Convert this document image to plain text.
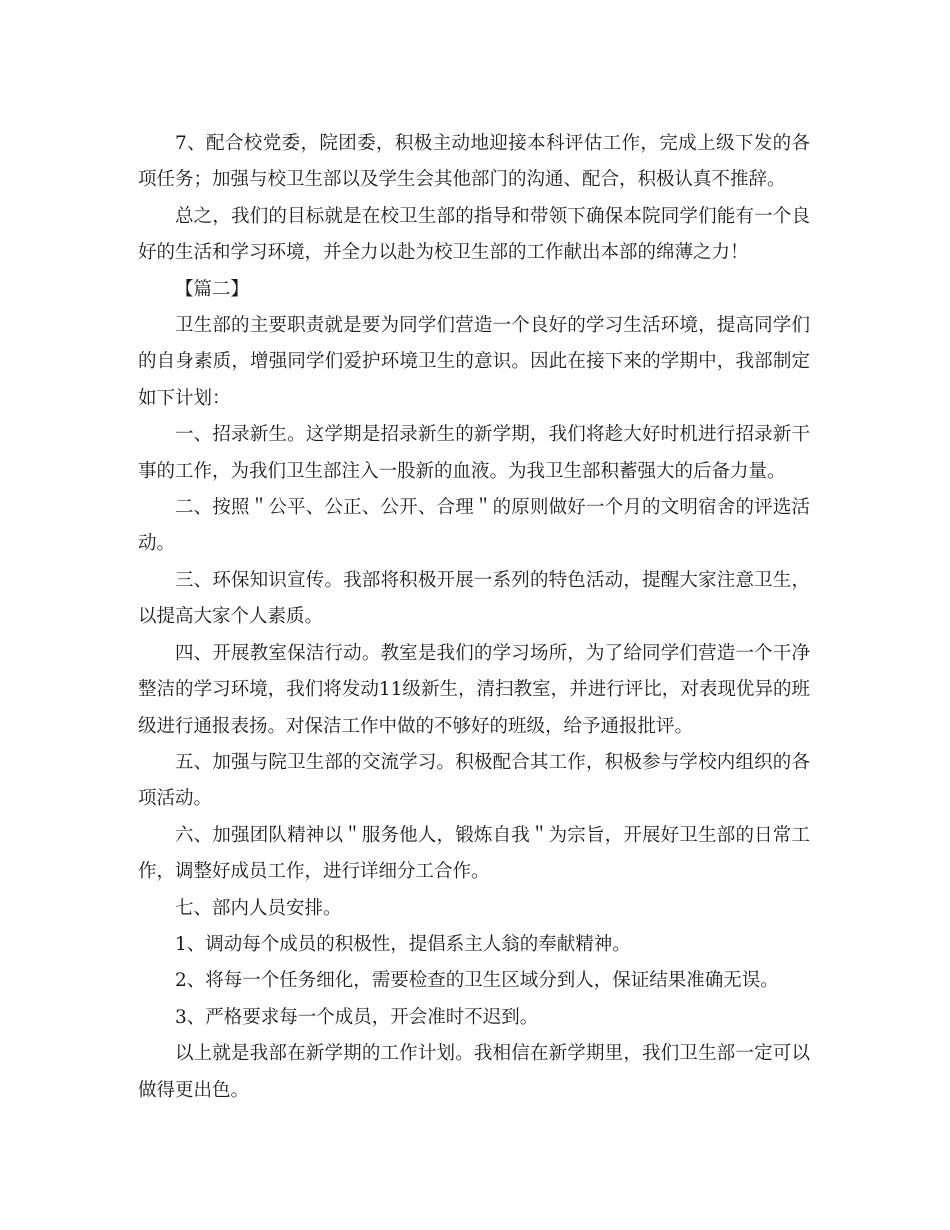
7、配合校党委，院团委，积极主动地迎接本科评估工作，完成上级下发的各项任务；加强与校卫生部以及学生会其他部门的沟通、配合，积极认真不推辞。

总之，我们的目标就是在校卫生部的指导和带领下确保本院同学们能有一个良好的生活和学习环境，并全力以赴为校卫生部的工作献出本部的绵薄之力！

【篇二】

卫生部的主要职责就是要为同学们营造一个良好的学习生活环境，提高同学们的自身素质，增强同学们爱护环境卫生的意识。因此在接下来的学期中，我部制定如下计划：

一、招录新生。这学期是招录新生的新学期，我们将趁大好时机进行招录新干事的工作，为我们卫生部注入一股新的血液。为我卫生部积蓄强大的后备力量。

二、按照＂公平、公正、公开、合理＂的原则做好一个月的文明宿舍的评选活动。

三、环保知识宣传。我部将积极开展一系列的特色活动，提醒大家注意卫生，以提高大家个人素质。

四、开展教室保洁行动。教室是我们的学习场所，为了给同学们营造一个干净整洁的学习环境，我们将发动11级新生，清扫教室，并进行评比，对表现优异的班级进行通报表扬。对保洁工作中做的不够好的班级，给予通报批评。

五、加强与院卫生部的交流学习。积极配合其工作，积极参与学校内组织的各项活动。

六、加强团队精神以＂服务他人，锻炼自我＂为宗旨，开展好卫生部的日常工作，调整好成员工作，进行详细分工合作。

七、部内人员安排。

1、调动每个成员的积极性，提倡系主人翁的奉献精神。

2、将每一个任务细化，需要检查的卫生区域分到人，保证结果准确无误。

3、严格要求每一个成员，开会准时不迟到。

以上就是我部在新学期的工作计划。我相信在新学期里，我们卫生部一定可以做得更出色。
